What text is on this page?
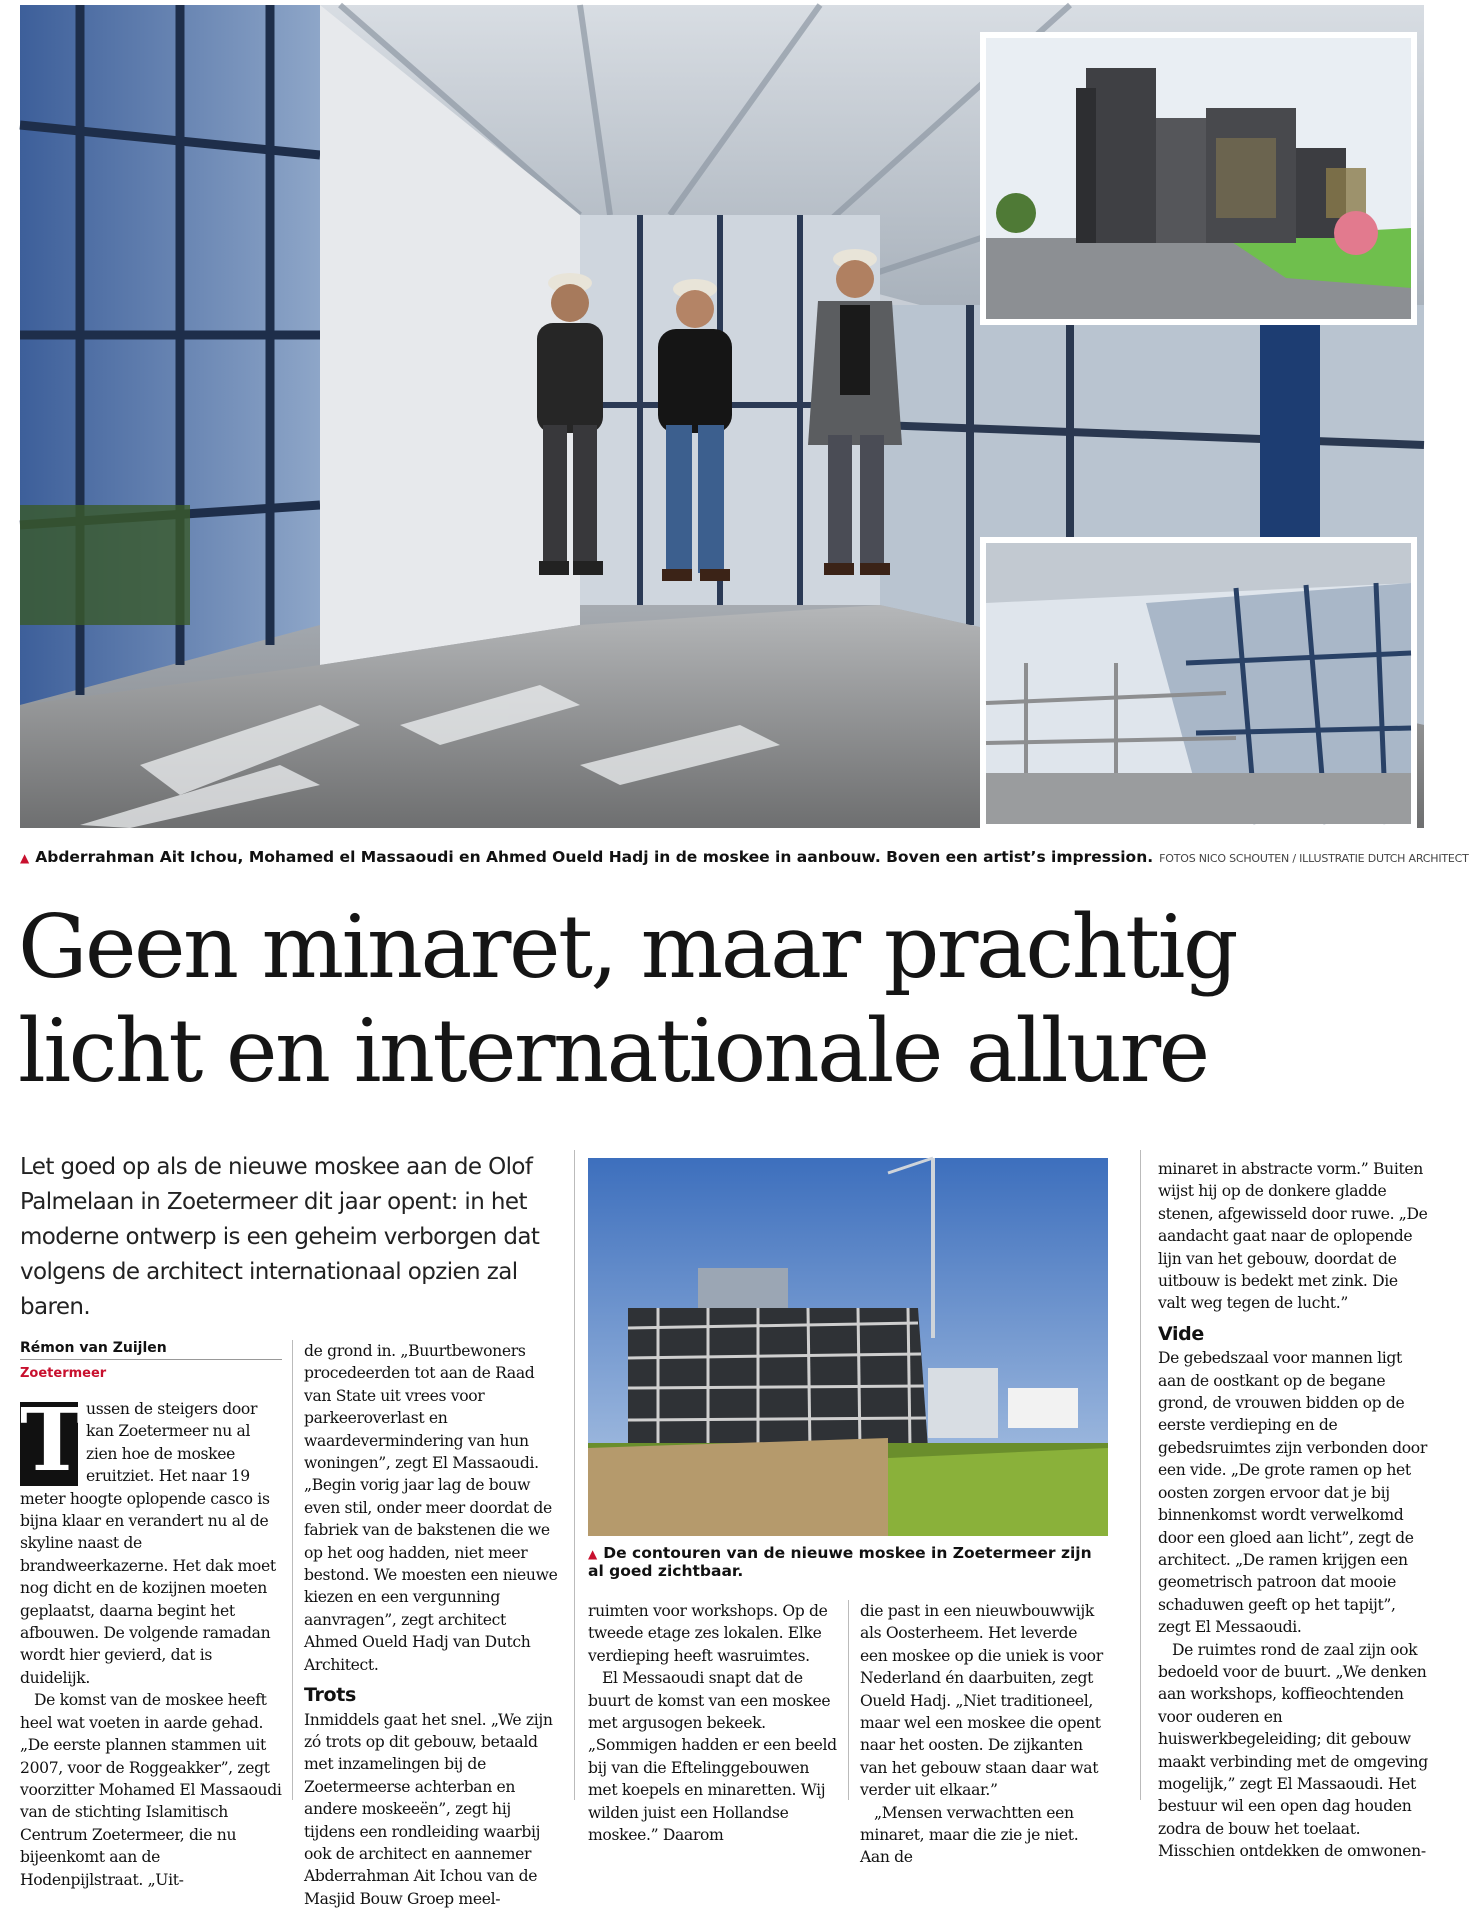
▲ Abderrahman Ait Ichou, Mohamed el Massaoudi en Ahmed Oueld Hadj in de moskee in aanbouw. Boven een artist’s impression. FOTOS NICO SCHOUTEN / ILLUSTRATIE DUTCH ARCHITECT
Geen minaret, maar prachtig
licht en internationale allure
Let goed op als de nieuwe moskee aan de Olof Palmelaan in Zoetermeer dit jaar opent: in het moderne ontwerp is een geheim verborgen dat volgens de architect internationaal opzien zal baren.
Rémon van Zuijlen
Zoetermeer
T ussen de steigers door kan Zoetermeer nu al zien hoe de moskee eruitziet. Het naar 19 meter hoogte oplopende casco is bijna klaar en verandert nu al de skyline naast de brandweerkazerne. Het dak moet nog dicht en de kozijnen moeten geplaatst, daarna begint het afbouwen. De volgende ramadan wordt hier gevierd, dat is duidelijk.

De komst van de moskee heeft heel wat voeten in aarde gehad. „De eerste plannen stammen uit 2007, voor de Roggeakker”, zegt voorzitter Mohamed El Massaoudi van de stichting Islamitisch Centrum Zoetermeer, die nu bijeenkomt aan de Hodenpijlstraat. „Uit-

de grond in. „Buurtbewoners procedeerden tot aan de Raad van State uit vrees voor parkeeroverlast en waardevermindering van hun woningen”, zegt El Massaoudi. „Begin vorig jaar lag de bouw even stil, onder meer doordat de fabriek van de bakstenen die we op het oog hadden, niet meer bestond. We moesten een nieuwe kiezen en een vergunning aanvragen”, zegt architect Ahmed Oueld Hadj van Dutch Architect.

Trots

Inmiddels gaat het snel. „We zijn zó trots op dit gebouw, betaald met inzamelingen bij de Zoetermeerse achterban en andere moskeeën”, zegt hij tijdens een rondleiding waarbij ook de architect en aannemer Abderrahman Ait Ichou van de Masjid Bouw Groep meel-

▲ De contouren van de nieuwe moskee in Zoetermeer zijn al goed zichtbaar.

ruimten voor workshops. Op de tweede etage zes lokalen. Elke verdieping heeft wasruimtes.

El Messaoudi snapt dat de buurt de komst van een moskee met argusogen bekeek. „Sommigen hadden er een beeld bij van die Eftelinggebouwen met koepels en minaretten. Wij wilden juist een Hollandse moskee.” Daarom

die past in een nieuwbouwwijk als Oosterheem. Het leverde een moskee op die uniek is voor Nederland én daarbuiten, zegt Oueld Hadj. „Niet traditioneel, maar wel een moskee die opent naar het oosten. De zijkanten van het gebouw staan daar wat verder uit elkaar.”

„Mensen verwachtten een minaret, maar die zie je niet. Aan de

minaret in abstracte vorm.” Buiten wijst hij op de donkere gladde stenen, afgewisseld door ruwe. „De aandacht gaat naar de oplopende lijn van het gebouw, doordat de uitbouw is bedekt met zink. Die valt weg tegen de lucht.”

Vide

De gebedszaal voor mannen ligt aan de oostkant op de begane grond, de vrouwen bidden op de eerste verdieping en de gebedsruimtes zijn verbonden door een vide. „De grote ramen op het oosten zorgen ervoor dat je bij binnenkomst wordt verwelkomd door een gloed aan licht”, zegt de architect. „De ramen krijgen een geometrisch patroon dat mooie schaduwen geeft op het tapijt”, zegt El Messaoudi.

De ruimtes rond de zaal zijn ook bedoeld voor de buurt. „We denken aan workshops, koffieochtenden voor ouderen en huiswerkbegeleiding; dit gebouw maakt verbinding met de omgeving mogelijk,” zegt El Massaoudi. Het bestuur wil een open dag houden zodra de bouw het toelaat. Misschien ontdekken de omwonen-
